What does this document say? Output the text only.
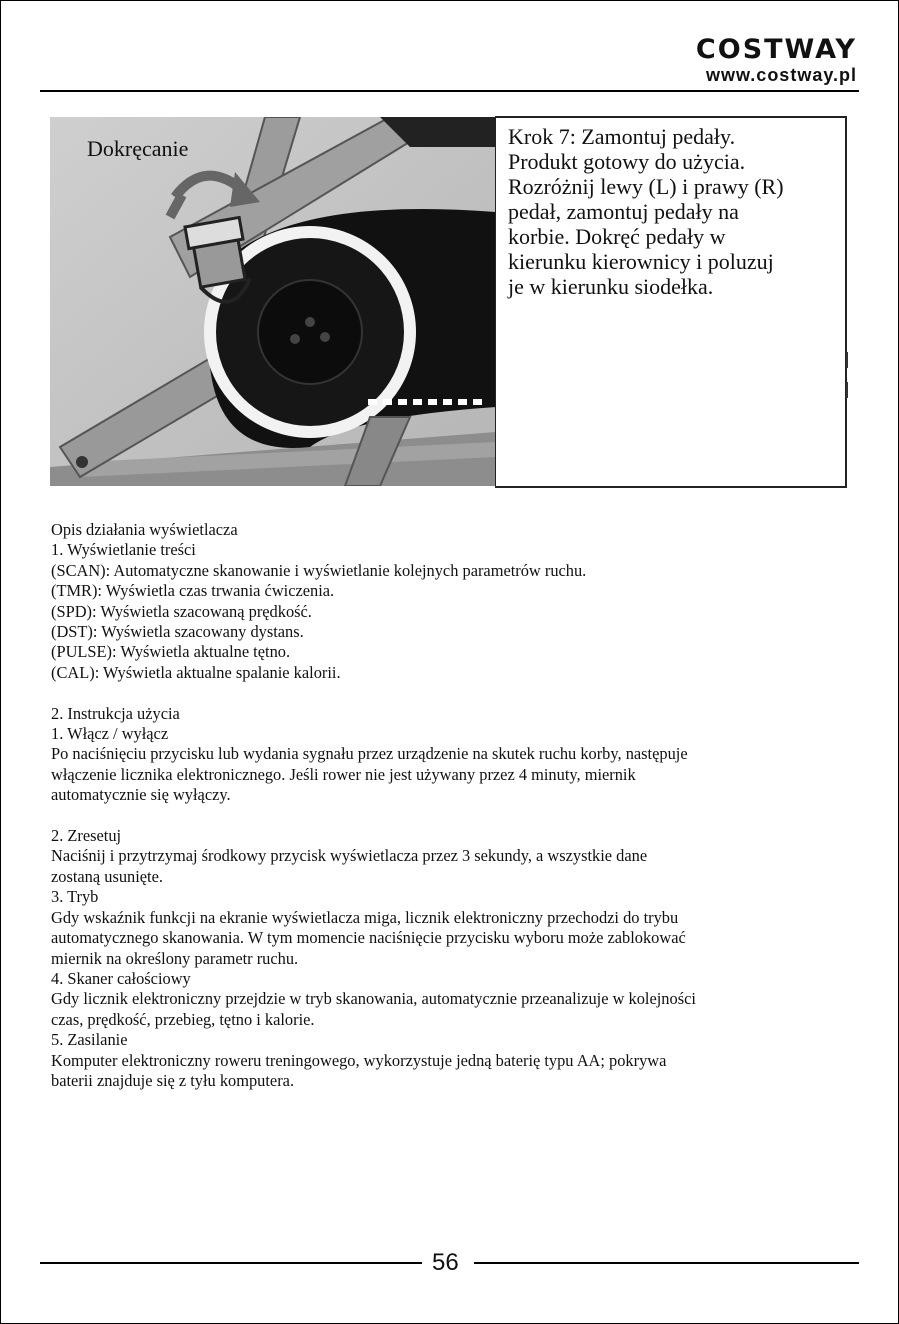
COSTWAY
www.costway.pl
Dokręcanie	Krok 7: Zamontuj pedały.
Produkt gotowy do użycia.
Rozróżnij lewy (L) i prawy (R)
pedał, zamontuj pedały na
korbie. Dokręć pedały w
kierunku kierownicy i poluzuj
je w kierunku siodełka.

Opis działania wyświetlacza

1. Wyświetlanie treści

(SCAN): Automatyczne skanowanie i wyświetlanie kolejnych parametrów ruchu.

(TMR): Wyświetla czas trwania ćwiczenia.

(SPD): Wyświetla szacowaną prędkość.

(DST): Wyświetla szacowany dystans.

(PULSE): Wyświetla aktualne tętno.

(CAL): Wyświetla aktualne spalanie kalorii.

2. Instrukcja użycia

1. Włącz / wyłącz

Po naciśnięciu przycisku lub wydania sygnału przez urządzenie na skutek ruchu korby, następuje

włączenie licznika elektronicznego. Jeśli rower nie jest używany przez 4 minuty, miernik

automatycznie się wyłączy.

2. Zresetuj

Naciśnij i przytrzymaj środkowy przycisk wyświetlacza przez 3 sekundy, a wszystkie dane

zostaną usunięte.

3. Tryb

Gdy wskaźnik funkcji na ekranie wyświetlacza miga, licznik elektroniczny przechodzi do trybu

automatycznego skanowania. W tym momencie naciśnięcie przycisku wyboru może zablokować

miernik na określony parametr ruchu.

4. Skaner całościowy

Gdy licznik elektroniczny przejdzie w tryb skanowania, automatycznie przeanalizuje w kolejności

czas, prędkość, przebieg, tętno i kalorie.

5. Zasilanie

Komputer elektroniczny roweru treningowego, wykorzystuje jedną baterię typu AA; pokrywa

baterii znajduje się z tyłu komputera.

56
